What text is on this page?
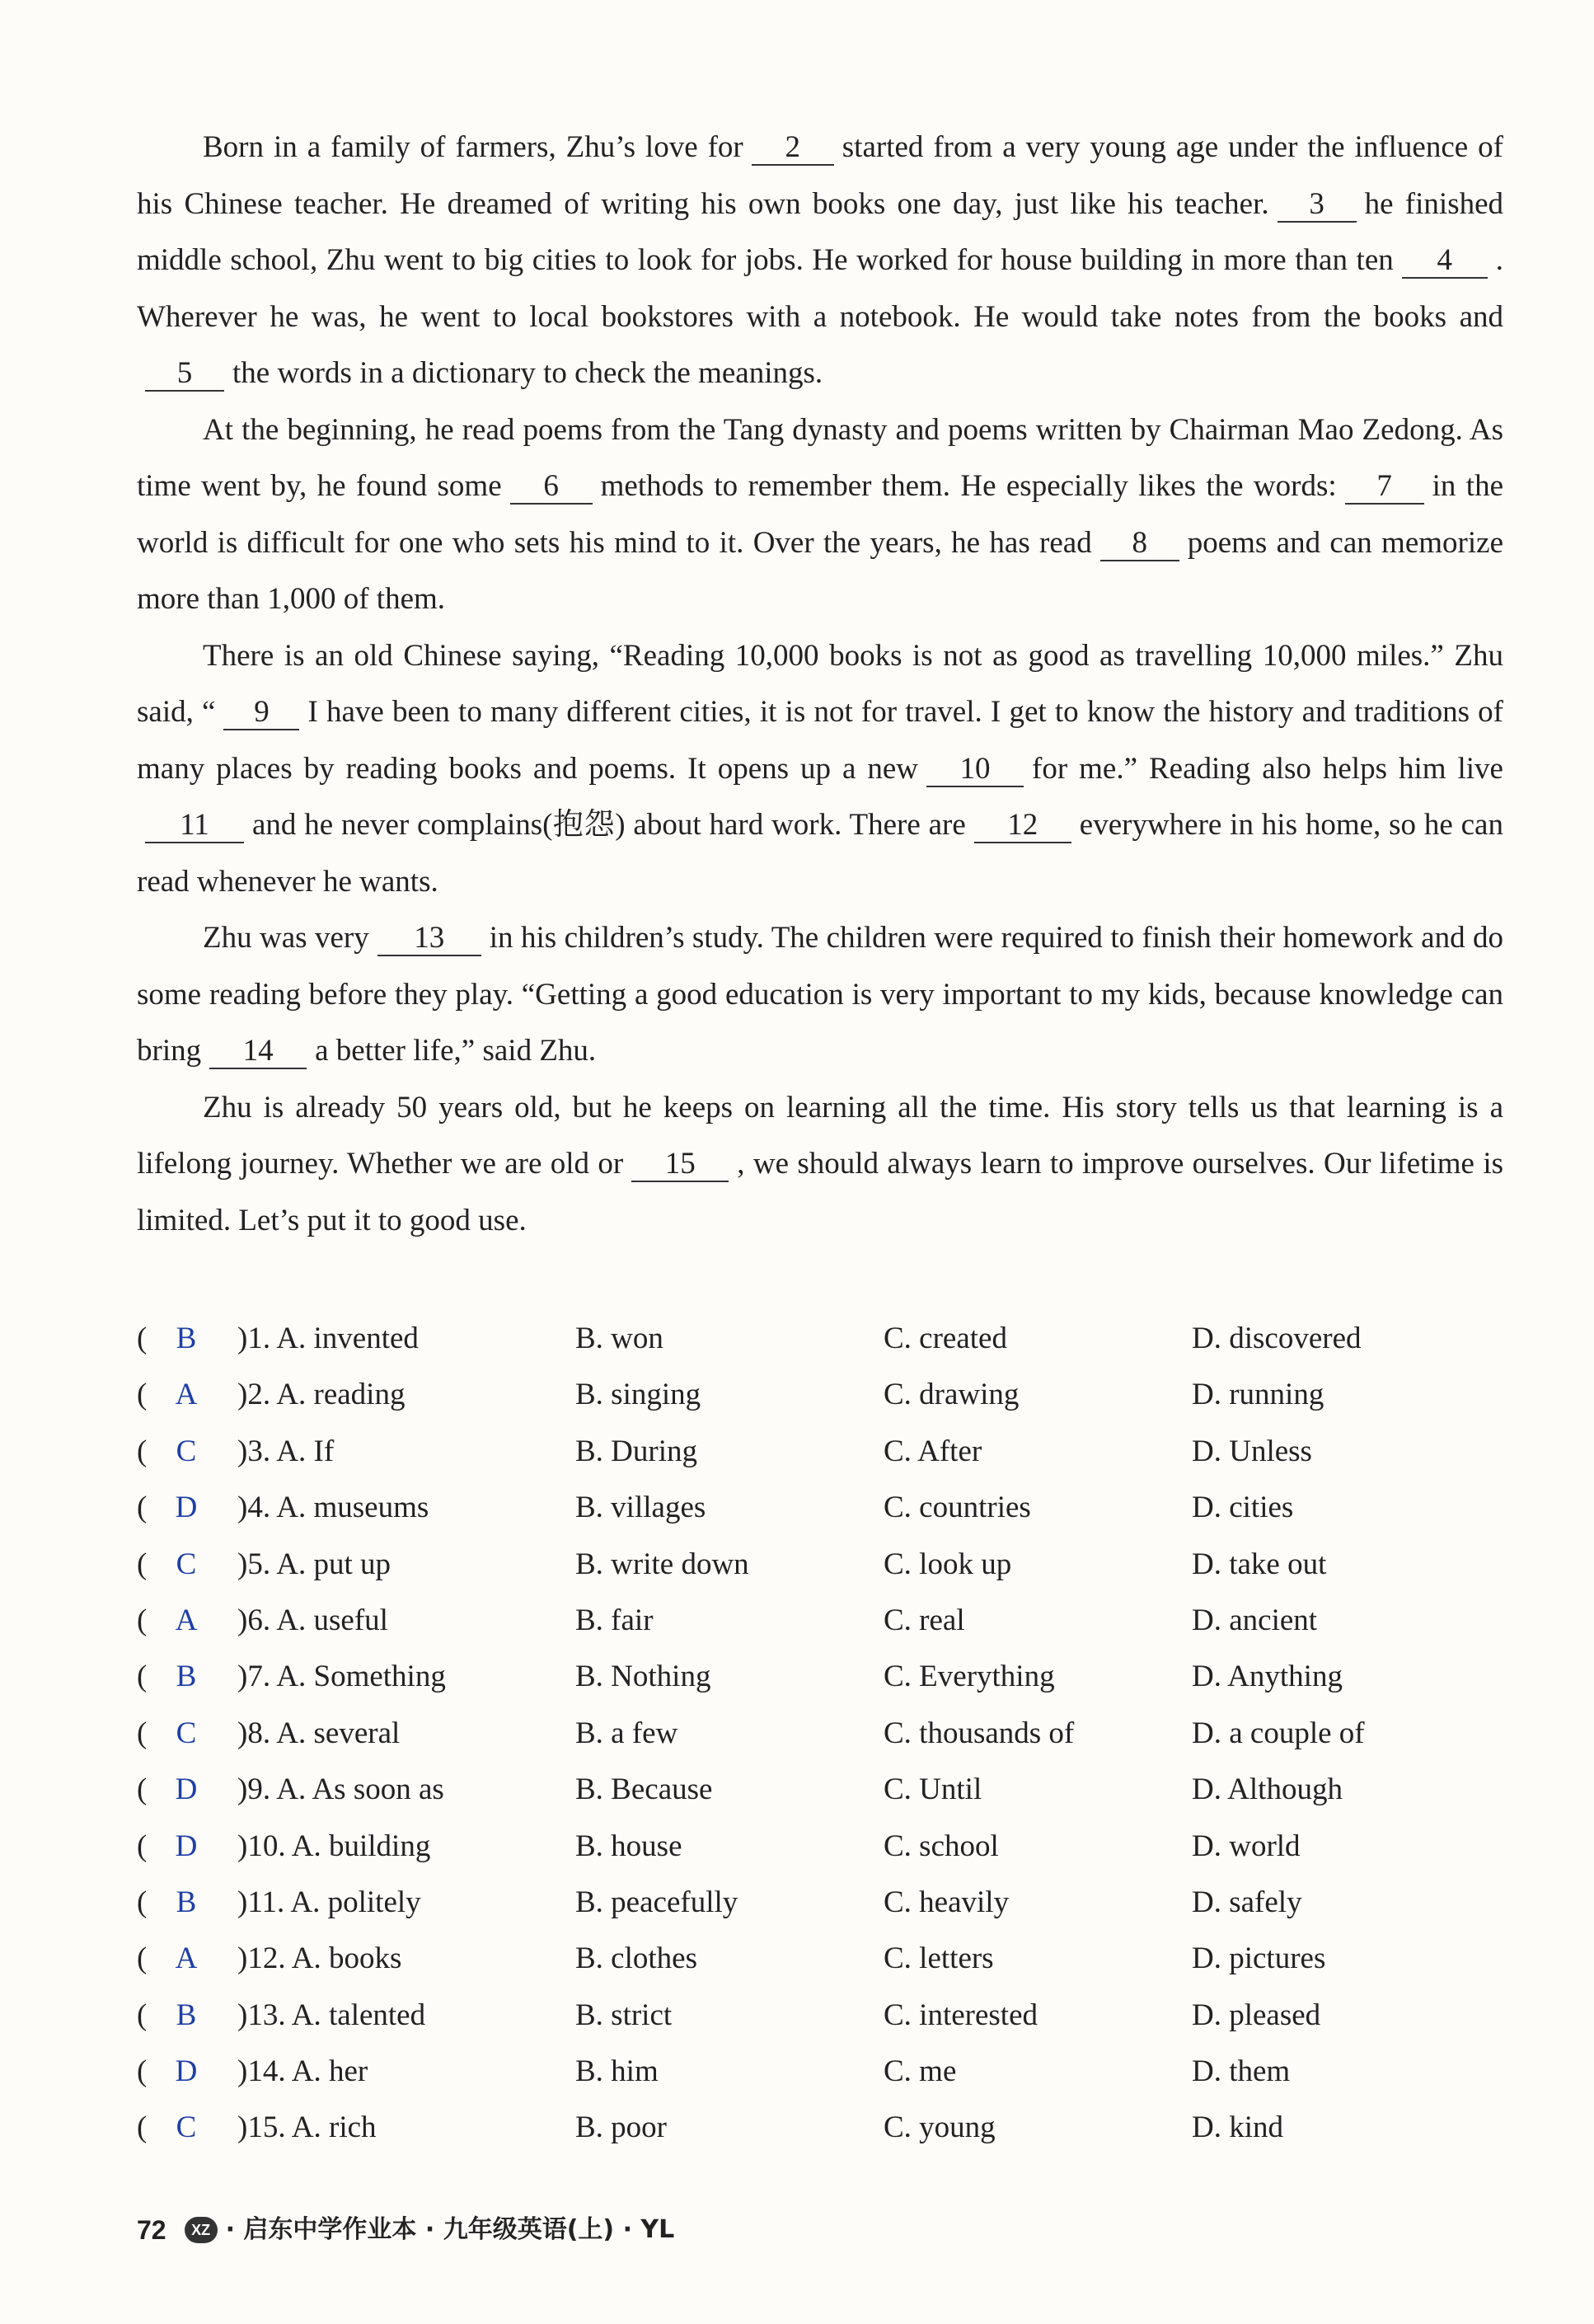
Born in a family of farmers, Zhu’s love for 2 started from a very young age under the influence of his Chinese teacher. He dreamed of writing his own books one day, just like his teacher. 3 he finished middle school, Zhu went to big cities to look for jobs. He worked for house building in more than ten 4 . Wherever he was, he went to local bookstores with a notebook. He would take notes from the books and5 the words in a dictionary to check the meanings.

At the beginning, he read poems from the Tang dynasty and poems written by Chairman Mao Zedong. As time went by, he found some 6 methods to remember them. He especially likes the words: 7 in the world is difficult for one who sets his mind to it. Over the years, he has read 8 poems and can memorize more than 1,000 of them.

There is an old Chinese saying, “Reading 10,000 books is not as good as travelling 10,000 miles.” Zhu said, “ 9 I have been to many different cities, it is not for travel. I get to know the history and traditions of many places by reading books and poems. It opens up a new 10 for me.” Reading also helps him live11 and he never complains(抱怨) about hard work. There are 12 everywhere in his home, so he can read whenever he wants.

Zhu was very 13 in his children’s study. The children were required to finish their homework and do some reading before they play. “Getting a good education is very important to my kids, because knowledge can bring 14 a better life,” said Zhu.

Zhu is already 50 years old, but he keeps on learning all the time. His story tells us that learning is a lifelong journey. Whether we are old or 15 , we should always learn to improve ourselves. Our lifetime is limited. Let’s put it to good use.

( B )1. A. invented	B. won	C. created	D. discovered
( A )2. A. reading	B. singing	C. drawing	D. running
( C )3. A. If	B. During	C. After	D. Unless
( D )4. A. museums	B. villages	C. countries	D. cities
( C )5. A. put up	B. write down	C. look up	D. take out
( A )6. A. useful	B. fair	C. real	D. ancient
( B )7. A. Something	B. Nothing	C. Everything	D. Anything
( C )8. A. several	B. a few	C. thousands of	D. a couple of
( D )9. A. As soon as	B. Because	C. Until	D. Although
( D )10. A. building	B. house	C. school	D. world
( B )11. A. politely	B. peacefully	C. heavily	D. safely
( A )12. A. books	B. clothes	C. letters	D. pictures
( B )13. A. talented	B. strict	C. interested	D. pleased
( D )14. A. her	B. him	C. me	D. them
( C )15. A. rich	B. poor	C. young	D. kind
72	XZ · 启东中学作业本 · 九年级英语(上) · YL
